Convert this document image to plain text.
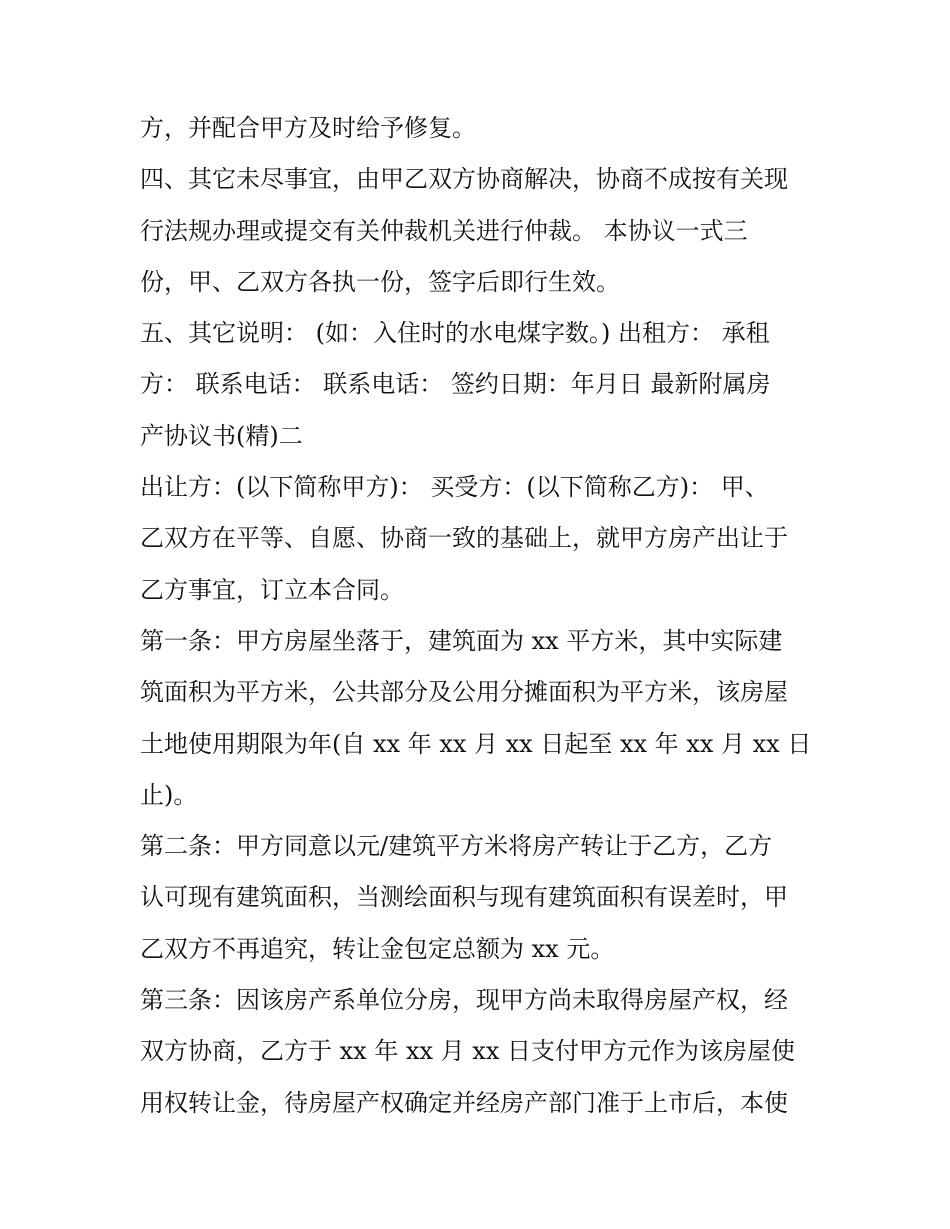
方，并配合甲方及时给予修复。
四、其它未尽事宜，由甲乙双方协商解决，协商不成按有关现
行法规办理或提交有关仲裁机关进行仲裁。 本协议一式三
份，甲、乙双方各执一份，签字后即行生效。
五、其它说明： (如：入住时的水电煤字数。) 出租方： 承租
方： 联系电话： 联系电话： 签约日期：年月日 最新附属房
产协议书(精)二
出让方：(以下简称甲方)： 买受方：(以下简称乙方)： 甲、
乙双方在平等、自愿、协商一致的基础上，就甲方房产出让于
乙方事宜，订立本合同。
第一条：甲方房屋坐落于，建筑面为 xx 平方米，其中实际建
筑面积为平方米，公共部分及公用分摊面积为平方米，该房屋
土地使用期限为年(自 xx 年 xx 月 xx 日起至 xx 年 xx 月 xx 日
止)。
第二条：甲方同意以元/建筑平方米将房产转让于乙方，乙方
认可现有建筑面积，当测绘面积与现有建筑面积有误差时，甲
乙双方不再追究，转让金包定总额为 xx 元。
第三条：因该房产系单位分房，现甲方尚未取得房屋产权，经
双方协商，乙方于 xx 年 xx 月 xx 日支付甲方元作为该房屋使
用权转让金，待房屋产权确定并经房产部门准于上市后，本使
